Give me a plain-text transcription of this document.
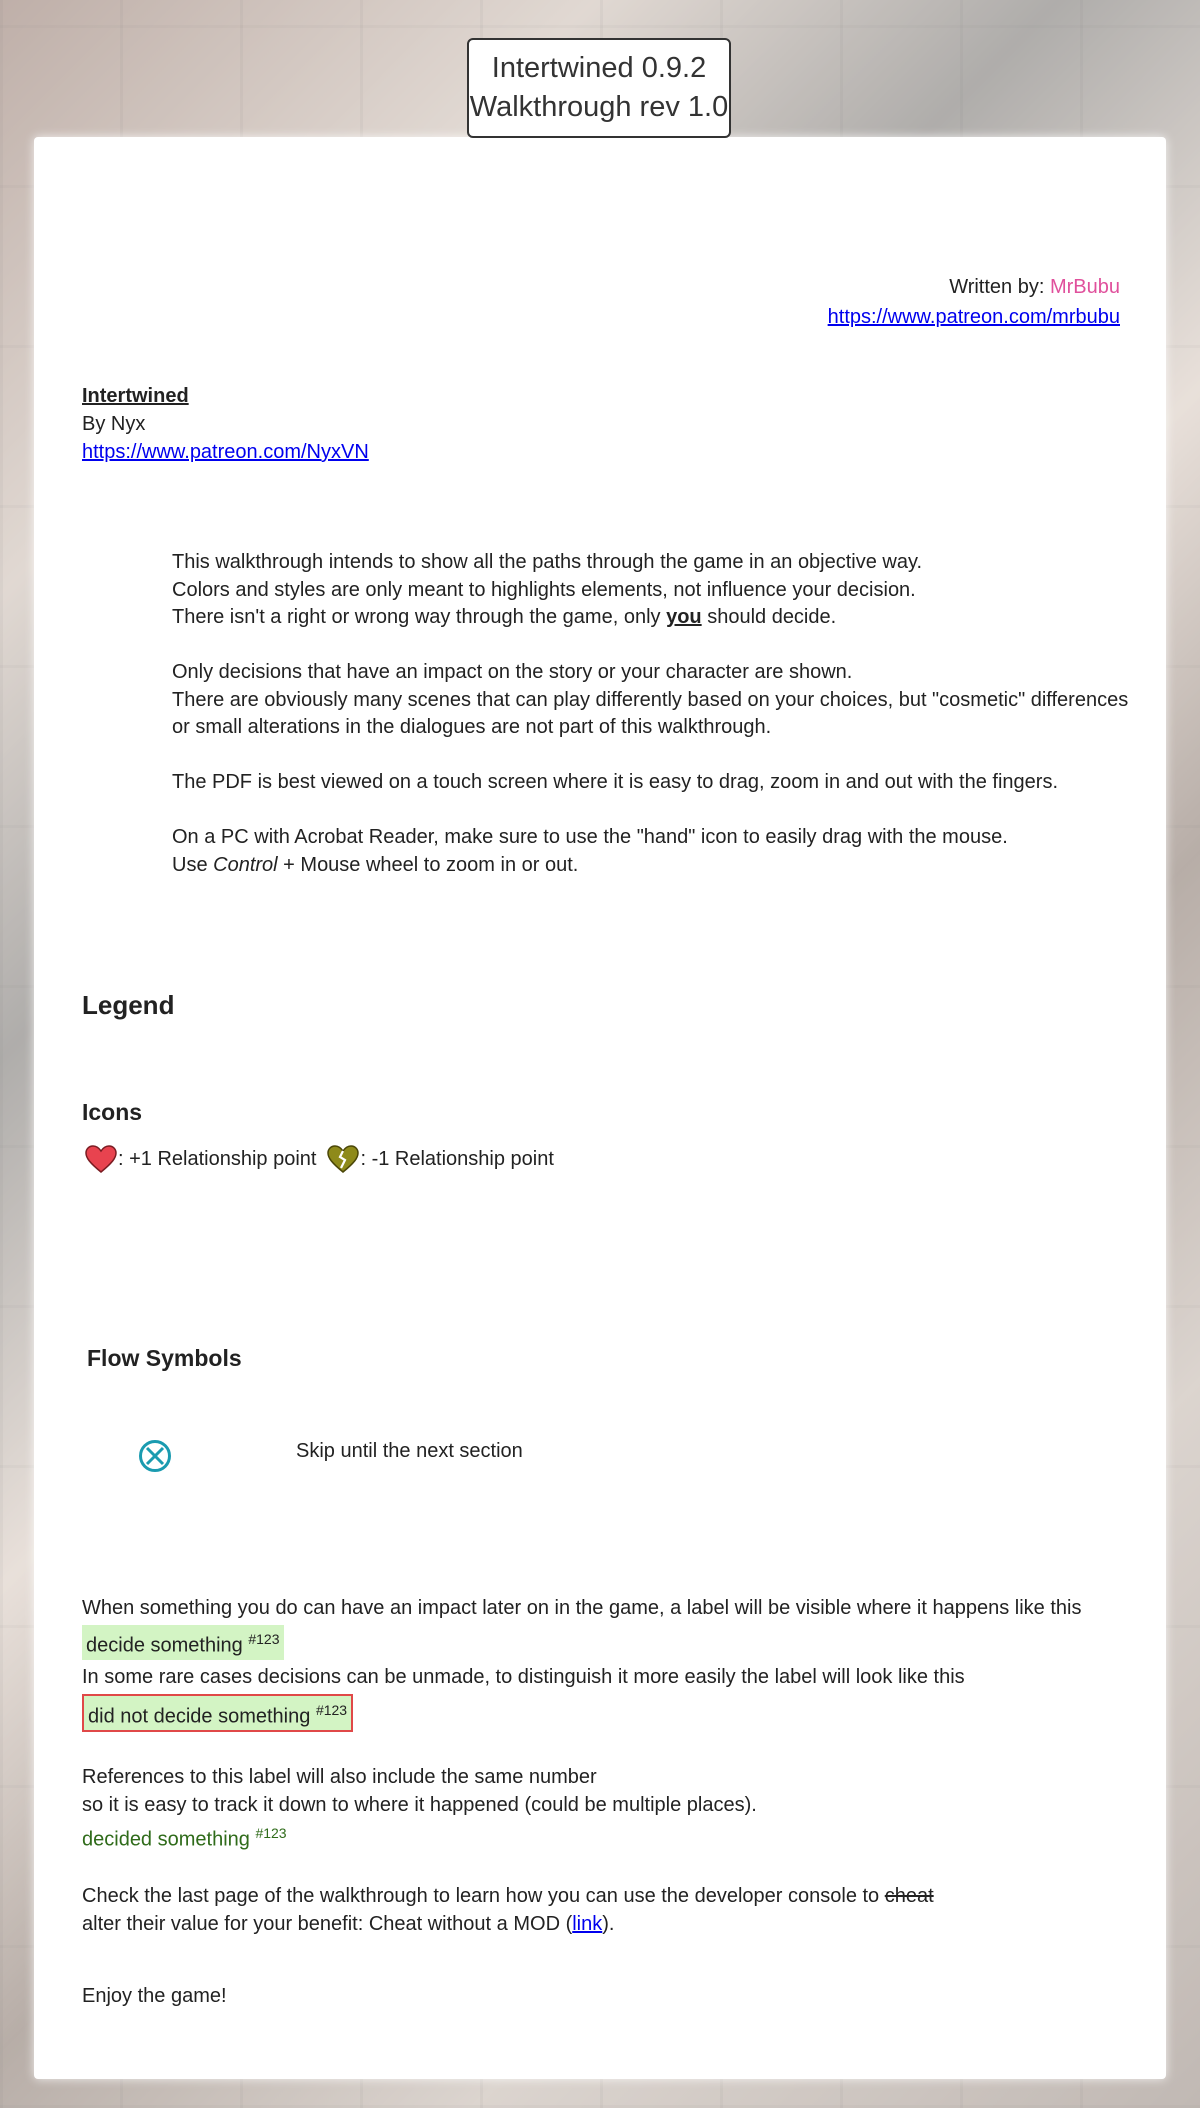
Intertwined 0.9.2
Walkthrough rev 1.0
Written by: MrBubu
https://www.patreon.com/mrbubu
Intertwined
By Nyx
https://www.patreon.com/NyxVN

This walkthrough intends to show all the paths through the game in an objective way.
Colors and styles are only meant to highlights elements, not influence your decision.
There isn't a right or wrong way through the game, only you should decide.

Only decisions that have an impact on the story or your character are shown.
There are obviously many scenes that can play differently based on your choices, but "cosmetic" differences
or small alterations in the dialogues are not part of this walkthrough.

The PDF is best viewed on a touch screen where it is easy to drag, zoom in and out with the fingers.

On a PC with Acrobat Reader, make sure to use the "hand" icon to easily drag with the mouse.
Use Control + Mouse wheel to zoom in or out.

Legend
Icons
: +1 Relationship point : -1 Relationship point
Flow Symbols
Skip until the next section
When something you do can have an impact later on in the game, a label will be visible where it happens like this
decide something $^{\#123}$
In some rare cases decisions can be unmade, to distinguish it more easily the label will look like this
did not decide something $^{\#123}$
References to this label will also include the same number
so it is easy to track it down to where it happened (could be multiple places).
decided something $^{\#123}$
Check the last page of the walkthrough to learn how you can use the developer console to cheat
alter their value for your benefit: Cheat without a MOD (link).
Enjoy the game!
